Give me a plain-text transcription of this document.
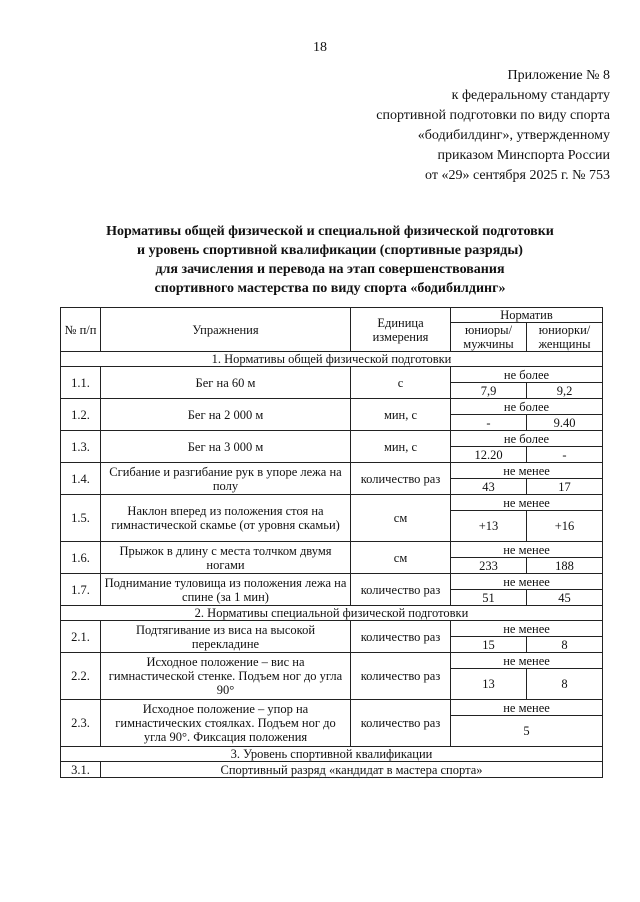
18
Приложение № 8
к федеральному стандарту
спортивной подготовки по виду спорта
«бодибилдинг», утвержденному
приказом Минспорта России
от «29» сентября 2025 г. № 753
Нормативы общей физической и специальной физической подготовки
и уровень спортивной квалификации (спортивные разряды)
для зачисления и перевода на этап совершенствования
спортивного мастерства по виду спорта «бодибилдинг»
№ п/п	Упражнения	Единица измерения	Норматив	
			юниоры/ мужчины	юниорки/ женщины
1. Нормативы общей физической подготовки				
1.1.	Бег на 60 м	с	не более	
			7,9	9,2
1.2.	Бег на 2 000 м	мин, с	не более	
			-	9.40
1.3.	Бег на 3 000 м	мин, с	не более	
			12.20	-
1.4.	Сгибание и разгибание рук в упоре лежа на полу	количество раз	не менее	
			43	17
1.5.	Наклон вперед из положения стоя на гимнастической скамье (от уровня скамьи)	см	не менее	
			+13	+16
1.6.	Прыжок в длину с места толчком двумя ногами	см	не менее	
			233	188
1.7.	Поднимание туловища из положения лежа на спине (за 1 мин)	количество раз	не менее	
			51	45
2. Нормативы специальной физической подготовки				
2.1.	Подтягивание из виса на высокой перекладине	количество раз	не менее	
			15	8
2.2.	Исходное положение – вис на гимнастической стенке. Подъем ног до угла 90°	количество раз	не менее	
			13	8
2.3.	Исходное положение – упор на гимнастических стоялках. Подъем ног до угла 90°. Фиксация положения	количество раз	не менее	
			5	
3. Уровень спортивной квалификации				
3.1.	Спортивный разряд «кандидат в мастера спорта»			
